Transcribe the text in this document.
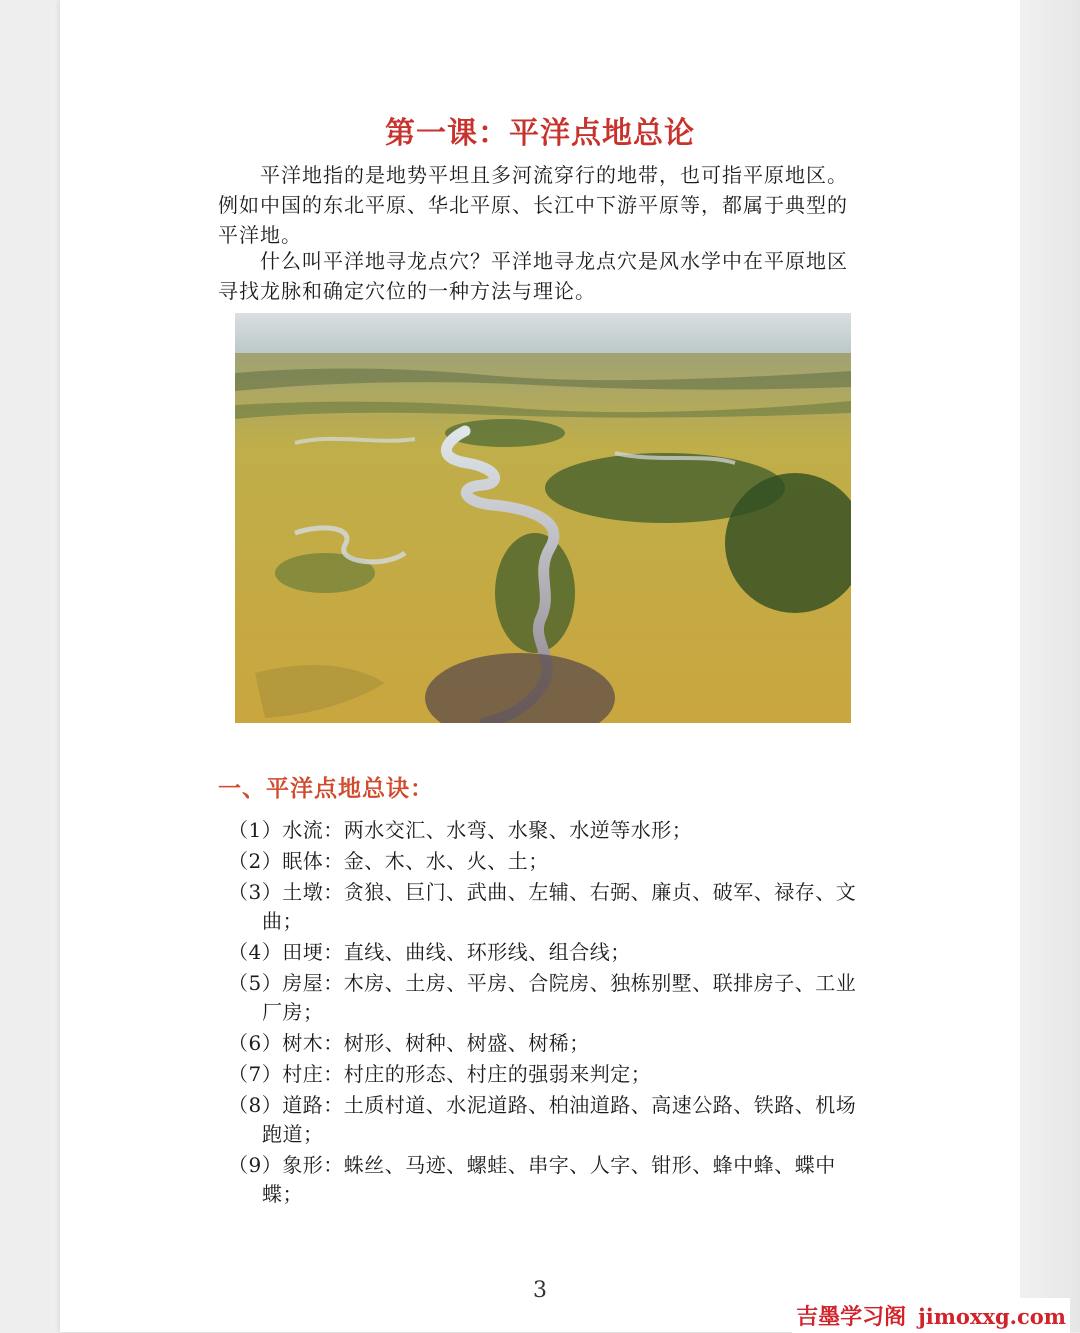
第一课：平洋点地总论

平洋地指的是地势平坦且多河流穿行的地带，也可指平原地区。例如中国的东北平原、华北平原、长江中下游平原等，都属于典型的平洋地。

什么叫平洋地寻龙点穴？平洋地寻龙点穴是风水学中在平原地区寻找龙脉和确定穴位的一种方法与理论。

一、平洋点地总诀：
（1）水流：两水交汇、水弯、水聚、水逆等水形；
（2）眠体：金、木、水、火、土；
（3）土墩：贪狼、巨门、武曲、左辅、右弼、廉贞、破军、禄存、文曲；
（4）田埂：直线、曲线、环形线、组合线；
（5）房屋：木房、土房、平房、合院房、独栋别墅、联排房子、工业厂房；
（6）树木：树形、树种、树盛、树稀；
（7）村庄：村庄的形态、村庄的强弱来判定；
（8）道路：土质村道、水泥道路、柏油道路、高速公路、铁路、机场跑道；
（9）象形：蛛丝、马迹、螺蛙、串字、人字、钳形、蜂中蜂、蝶中蝶；
3
吉墨学习阁 jimoxxg.com
